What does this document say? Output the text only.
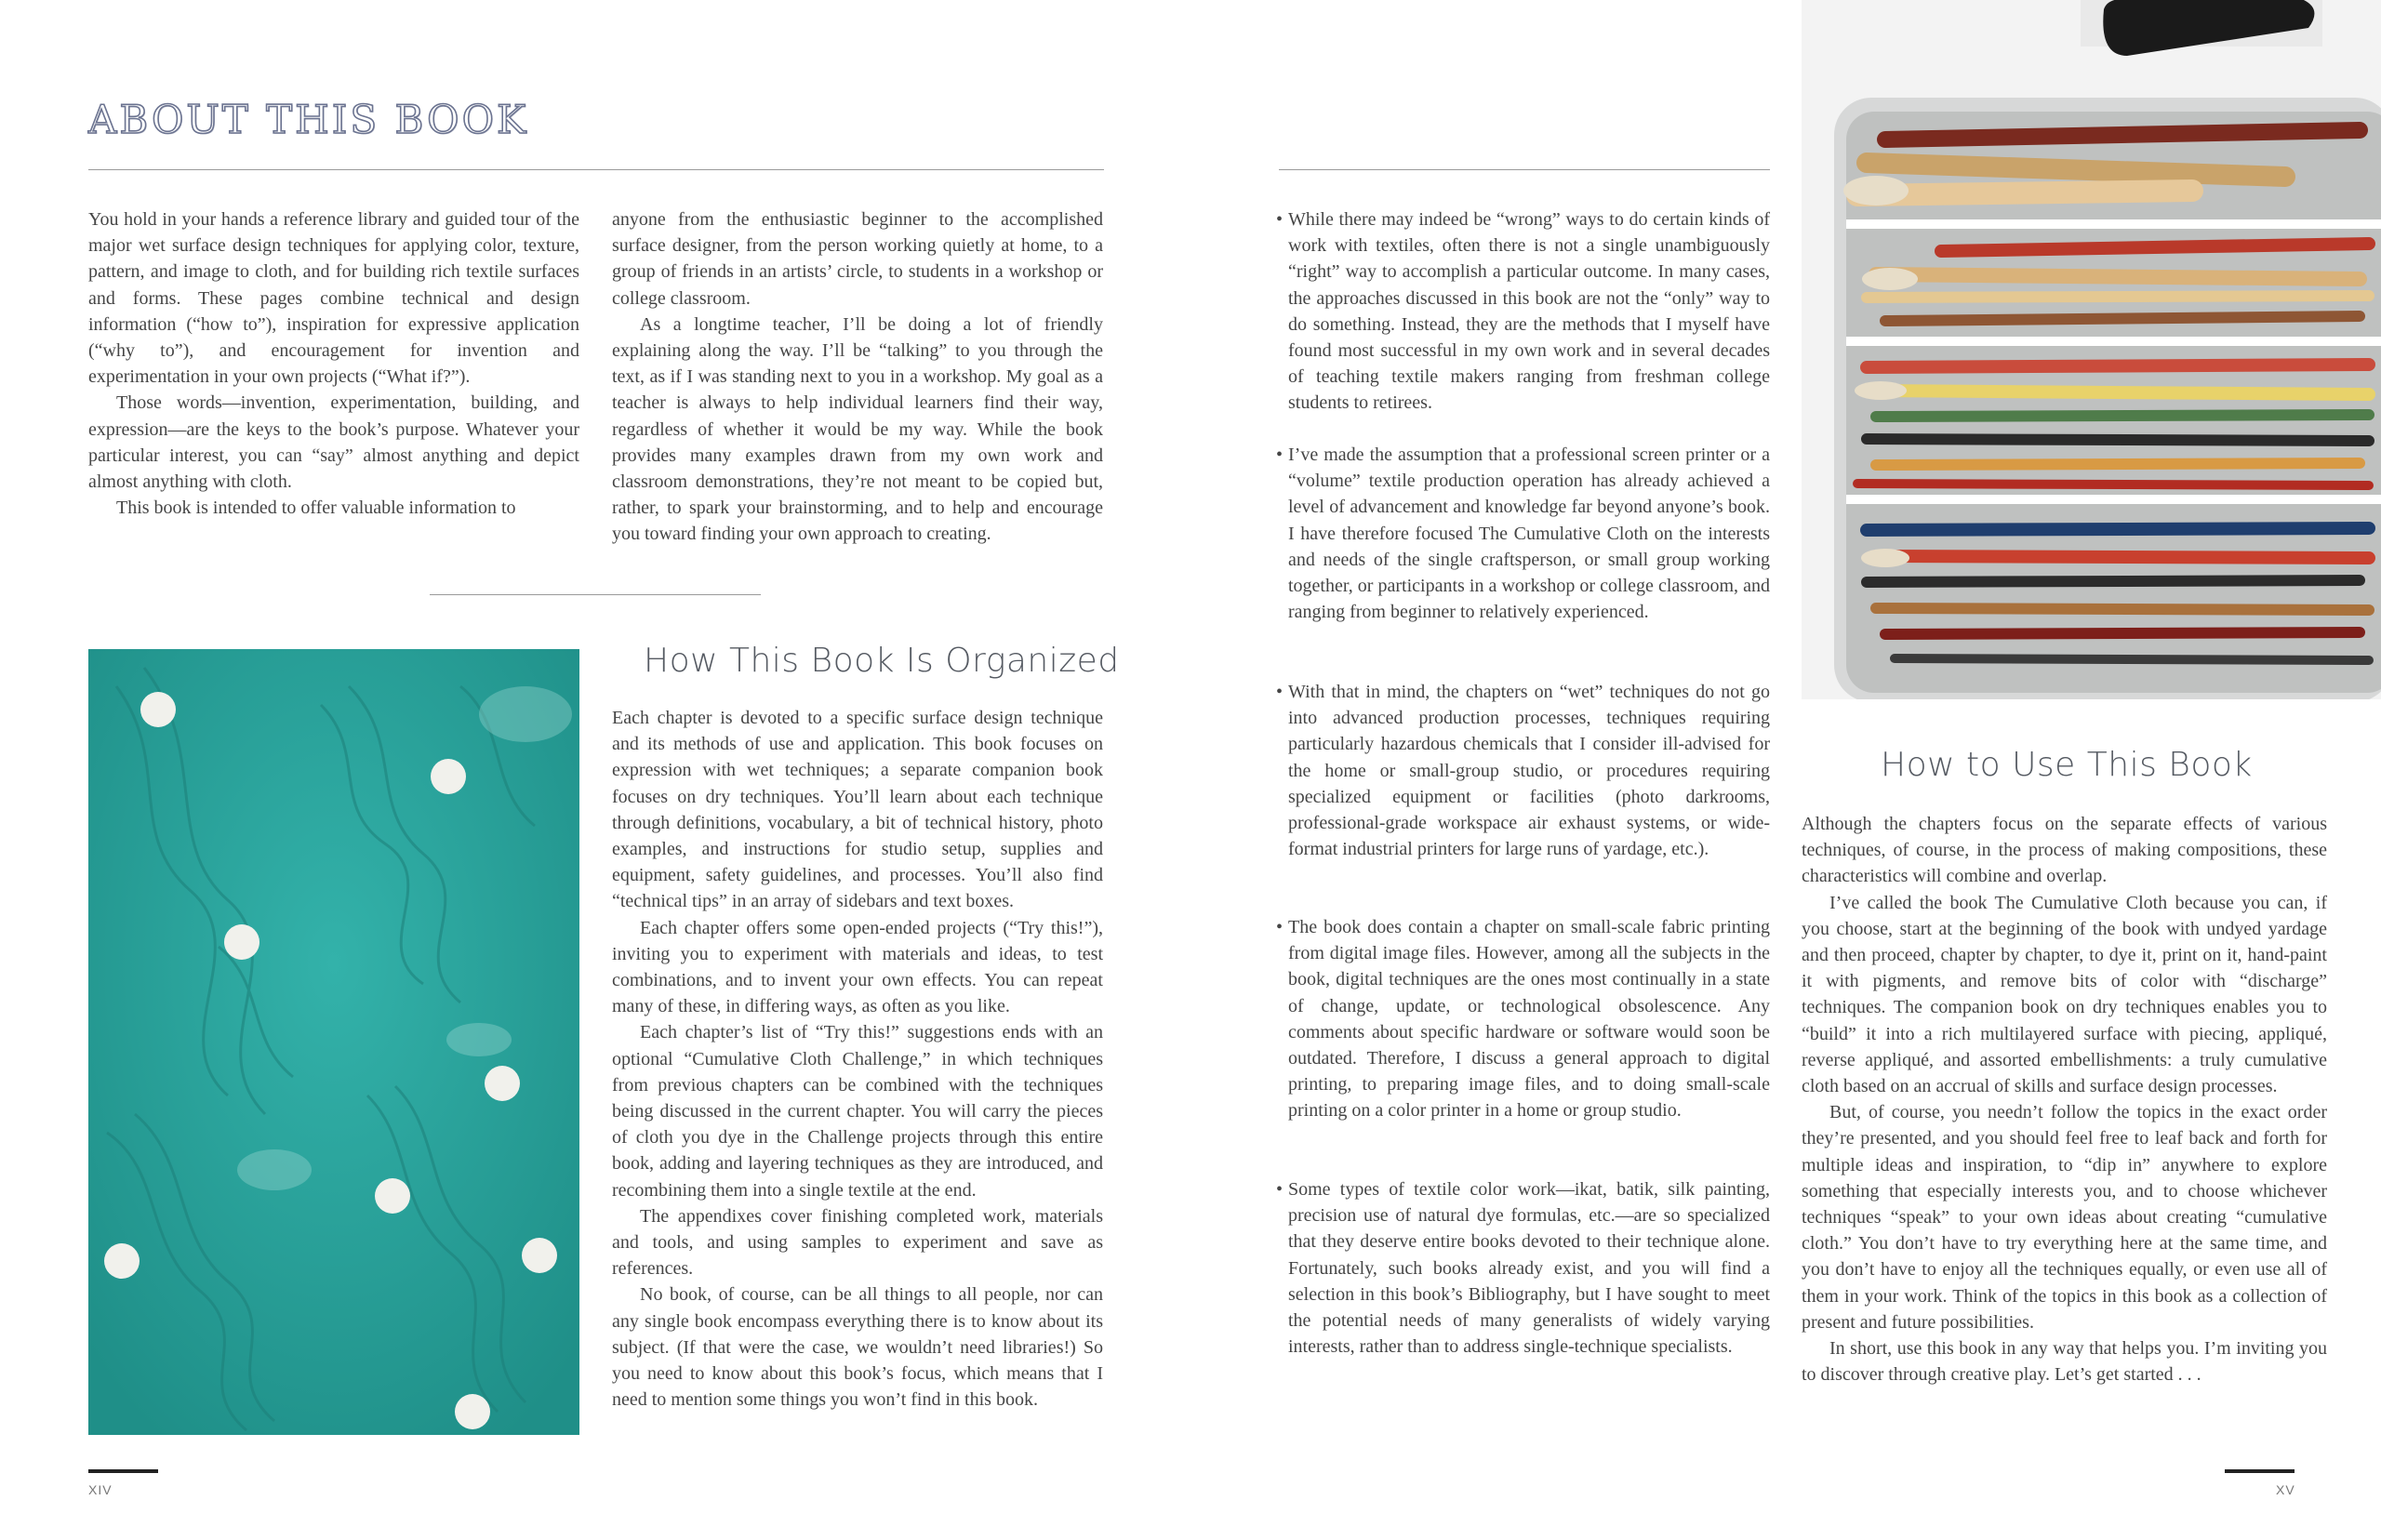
ABOUT THIS BOOK

You hold in your hands a reference library and guided tour of the major wet surface design techniques for applying color, texture, pattern, and image to cloth, and for building rich textile surfaces and forms. These pages combine technical and design information (“how to”), inspiration for expressive application (“why to”), and encouragement for invention and experimentation in your own projects (“What if?”).

Those words—invention, experimentation, building, and expression—are the keys to the book’s purpose. Whatever your particular interest, you can “say” almost anything and depict almost anything with cloth.

This book is intended to offer valuable information to

anyone from the enthusiastic beginner to the accomplished surface designer, from the person working quietly at home, to a group of friends in an artists’ circle, to students in a workshop or college classroom.

As a longtime teacher, I’ll be doing a lot of friendly explaining along the way. I’ll be “talking” to you through the text, as if I was standing next to you in a workshop. My goal as a teacher is always to help individual learners find their way, regardless of whether it would be my way. While the book provides many examples drawn from my own work and classroom demonstrations, they’re not meant to be copied but, rather, to spark your brainstorming, and to help and encourage you toward finding your own approach to creating.

How This Book Is Organized

Each chapter is devoted to a specific surface design technique and its methods of use and application. This book focuses on expression with wet techniques; a separate companion book focuses on dry techniques. You’ll learn about each technique through definitions, vocabulary, a bit of technical history, photo examples, and instructions for studio setup, supplies and equipment, safety guidelines, and processes. You’ll also find “technical tips” in an array of sidebars and text boxes.

Each chapter offers some open-ended projects (“Try this!”), inviting you to experiment with materials and ideas, to test combinations, and to invent your own effects. You can repeat many of these, in differing ways, as often as you like.

Each chapter’s list of “Try this!” suggestions ends with an optional “Cumulative Cloth Challenge,” in which techniques from previous chapters can be combined with the techniques being discussed in the current chapter. You will carry the pieces of cloth you dye in the Challenge projects through this entire book, adding and layering techniques as they are introduced, and recombining them into a single textile at the end.

The appendixes cover finishing completed work, materials and tools, and using samples to experiment and save as references.

No book, of course, can be all things to all people, nor can any single book encompass everything there is to know about its subject. (If that were the case, we wouldn’t need libraries!) So you need to know about this book’s focus, which means that I need to mention some things you won’t find in this book.

XIV
• While there may indeed be “wrong” ways to do certain kinds of work with textiles, often there is not a single unambiguously “right” way to accomplish a particular outcome. In many cases, the approaches discussed in this book are not the “only” way to do something. Instead, they are the methods that I myself have found most successful in my own work and in several decades of teaching textile makers ranging from freshman college students to retirees.

• I’ve made the assumption that a professional screen printer or a “volume” textile production operation has already achieved a level of advancement and knowledge far beyond anyone’s book. I have therefore focused The Cumulative Cloth on the interests and needs of the single craftsperson, or small group working together, or participants in a workshop or college classroom, and ranging from beginner to relatively experienced.

• With that in mind, the chapters on “wet” techniques do not go into advanced production processes, techniques requiring particularly hazardous chemicals that I consider ill-advised for the home or small-group studio, or procedures requiring specialized equipment or facilities (photo darkrooms, professional-grade workspace air exhaust systems, or wide-format industrial printers for large runs of yardage, etc.).

• The book does contain a chapter on small-scale fabric printing from digital image files. However, among all the subjects in the book, digital techniques are the ones most continually in a state of change, update, or technological obsolescence. Any comments about specific hardware or software would soon be outdated. Therefore, I discuss a general approach to digital printing, to preparing image files, and to doing small-scale printing on a color printer in a home or group studio.

• Some types of textile color work—ikat, batik, silk painting, precision use of natural dye formulas, etc.—are so specialized that they deserve entire books devoted to their technique alone. Fortunately, such books already exist, and you will find a selection in this book’s Bibliography, but I have sought to meet the potential needs of many generalists of widely varying interests, rather than to address single-technique specialists.

How to Use This Book

Although the chapters focus on the separate effects of various techniques, of course, in the process of making compositions, these characteristics will combine and overlap.

I’ve called the book The Cumulative Cloth because you can, if you choose, start at the beginning of the book with undyed yardage and then proceed, chapter by chapter, to dye it, print on it, hand-paint it with pigments, and remove bits of color with “discharge” techniques. The companion book on dry techniques enables you to “build” it into a rich multilayered surface with piecing, appliqué, reverse appliqué, and assorted embellishments: a truly cumulative cloth based on an accrual of skills and surface design processes.

But, of course, you needn’t follow the topics in the exact order they’re presented, and you should feel free to leaf back and forth for multiple ideas and inspiration, to “dip in” anywhere to explore something that especially interests you, and to choose whichever techniques “speak” to your own ideas about creating “cumulative cloth.” You don’t have to try everything here at the same time, and you don’t have to enjoy all the techniques equally, or even use all of them in your work. Think of the topics in this book as a collection of present and future possibilities.

In short, use this book in any way that helps you. I’m inviting you to discover through creative play. Let’s get started . . .

XV
